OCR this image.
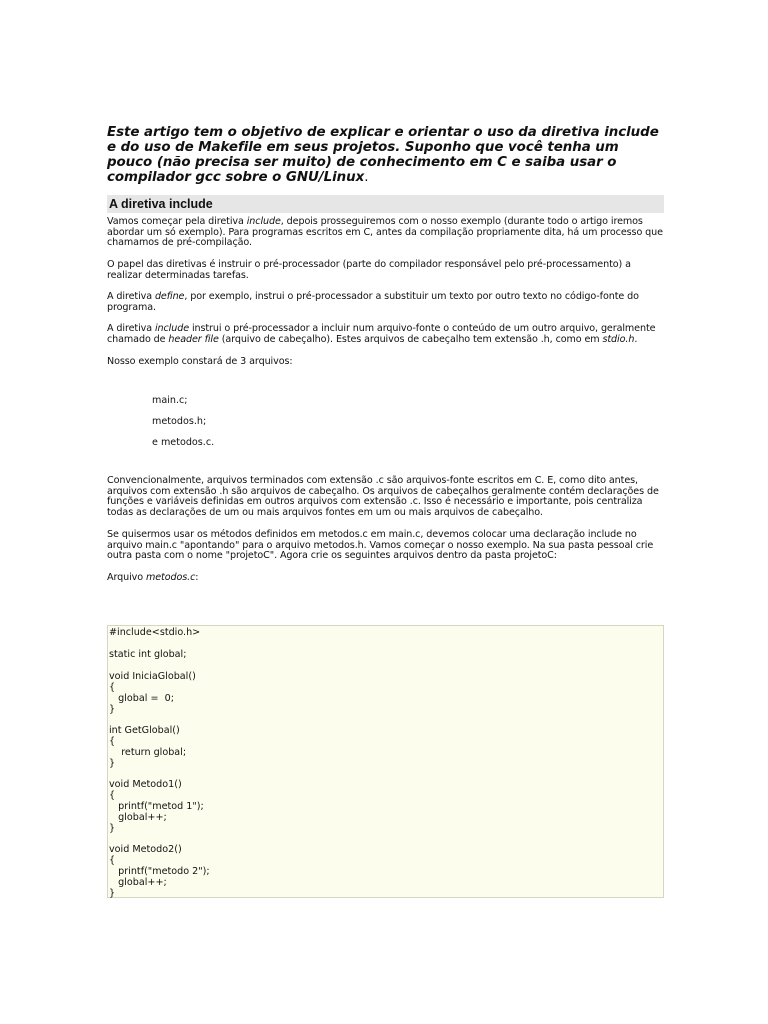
Este artigo tem o objetivo de explicar e orientar o uso da diretiva include e do uso de Makefile em seus projetos. Suponho que você tenha um pouco (não precisa ser muito) de conhecimento em C e saiba usar o compilador gcc sobre o GNU/Linux.

A diretiva include

Vamos começar pela diretiva include, depois prosseguiremos com o nosso exemplo (durante todo o artigo iremos abordar um só exemplo). Para programas escritos em C, antes da compilação propriamente dita, há um processo que chamamos de pré-compilação.

O papel das diretivas é instruir o pré-processador (parte do compilador responsável pelo pré-processamento) a realizar determinadas tarefas.

A diretiva define, por exemplo, instrui o pré-processador a substituir um texto por outro texto no código-fonte do programa.

A diretiva include instrui o pré-processador a incluir num arquivo-fonte o conteúdo de um outro arquivo, geralmente chamado de header file (arquivo de cabeçalho). Estes arquivos de cabeçalho tem extensão .h, como em stdio.h.

Nosso exemplo constará de 3 arquivos:

main.c;

metodos.h;

e metodos.c.

Convencionalmente, arquivos terminados com extensão .c são arquivos-fonte escritos em C. E, como dito antes, arquivos com extensão .h são arquivos de cabeçalho. Os arquivos de cabeçalhos geralmente contém declarações de funções e variáveis definidas em outros arquivos com extensão .c. Isso é necessário e importante, pois centraliza todas as declarações de um ou mais arquivos fontes em um ou mais arquivos de cabeçalho.

Se quisermos usar os métodos definidos em metodos.c em main.c, devemos colocar uma declaração include no arquivo main.c "apontando" para o arquivo metodos.h. Vamos começar o nosso exemplo. Na sua pasta pessoal crie outra pasta com o nome "projetoC". Agora crie os seguintes arquivos dentro da pasta projetoC:

Arquivo metodos.c:

#include<stdio.h>

static int global;

void IniciaGlobal()

{

global =  0;

}

int GetGlobal()

{

return global;

}

void Metodo1()

{

printf("metod 1");

global++;

}

void Metodo2()

{

printf("metodo 2");

global++;

}
